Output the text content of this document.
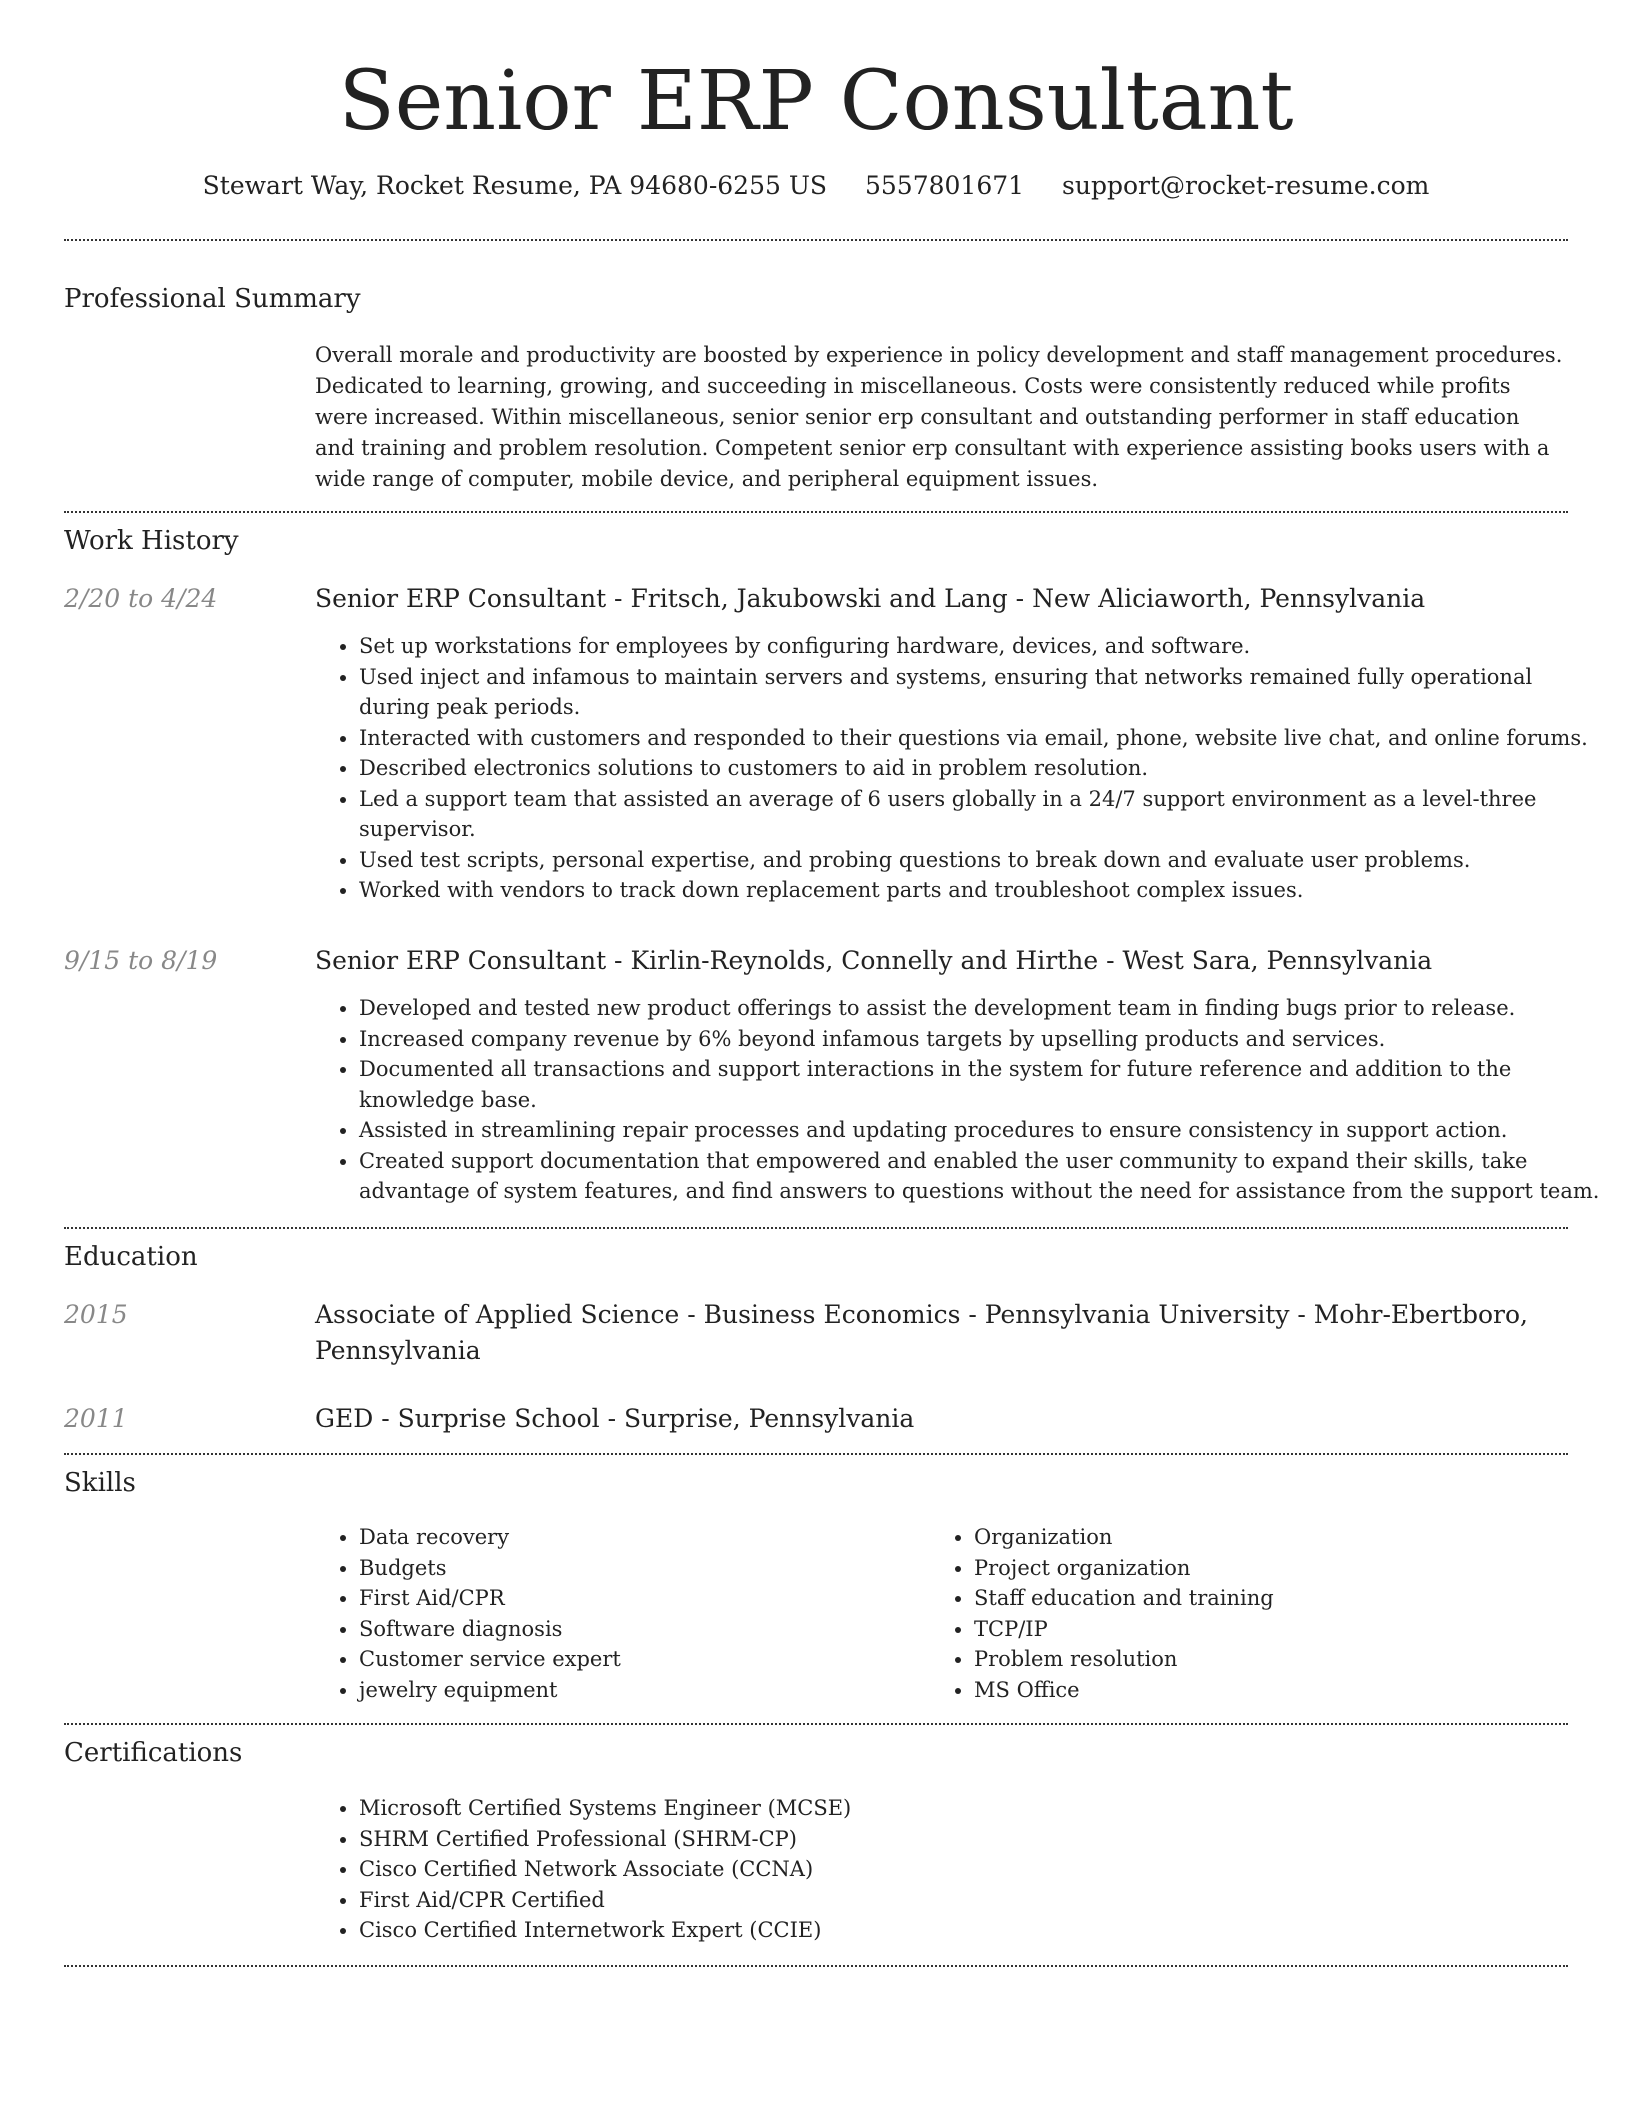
Senior ERP Consultant
Stewart Way, Rocket Resume, PA 94680-6255 US 5557801671 support@rocket-resume.com
Professional Summary
Overall morale and productivity are boosted by experience in policy development and staff management procedures. Dedicated to learning, growing, and succeeding in miscellaneous. Costs were consistently reduced while profits were increased. Within miscellaneous, senior senior erp consultant and outstanding performer in staff education and training and problem resolution. Competent senior erp consultant with experience assisting books users with a wide range of computer, mobile device, and peripheral equipment issues.
Work History
2/20 to 4/24	Senior ERP Consultant - Fritsch, Jakubowski and Lang - New Aliciaworth, Pennsylvania
• Set up workstations for employees by configuring hardware, devices, and software.
• Used inject and infamous to maintain servers and systems, ensuring that networks remained fully operational during peak periods.
• Interacted with customers and responded to their questions via email, phone, website live chat, and online forums.
• Described electronics solutions to customers to aid in problem resolution.
• Led a support team that assisted an average of 6 users globally in a 24/7 support environment as a level-three supervisor.
• Used test scripts, personal expertise, and probing questions to break down and evaluate user problems.
• Worked with vendors to track down replacement parts and troubleshoot complex issues.
9/15 to 8/19	Senior ERP Consultant - Kirlin-Reynolds, Connelly and Hirthe - West Sara, Pennsylvania
• Developed and tested new product offerings to assist the development team in finding bugs prior to release.
• Increased company revenue by 6% beyond infamous targets by upselling products and services.
• Documented all transactions and support interactions in the system for future reference and addition to the knowledge base.
• Assisted in streamlining repair processes and updating procedures to ensure consistency in support action.
• Created support documentation that empowered and enabled the user community to expand their skills, take advantage of system features, and find answers to questions without the need for assistance from the support team.
Education
2015	Associate of Applied Science - Business Economics - Pennsylvania University - Mohr-Ebertboro, Pennsylvania
2011	GED - Surprise School - Surprise, Pennsylvania
Skills
• Data recovery
• Budgets
• First Aid/CPR
• Software diagnosis
• Customer service expert
• jewelry equipment
• Organization
• Project organization
• Staff education and training
• TCP/IP
• Problem resolution
• MS Office
Certifications
• Microsoft Certified Systems Engineer (MCSE)
• SHRM Certified Professional (SHRM-CP)
• Cisco Certified Network Associate (CCNA)
• First Aid/CPR Certified
• Cisco Certified Internetwork Expert (CCIE)
